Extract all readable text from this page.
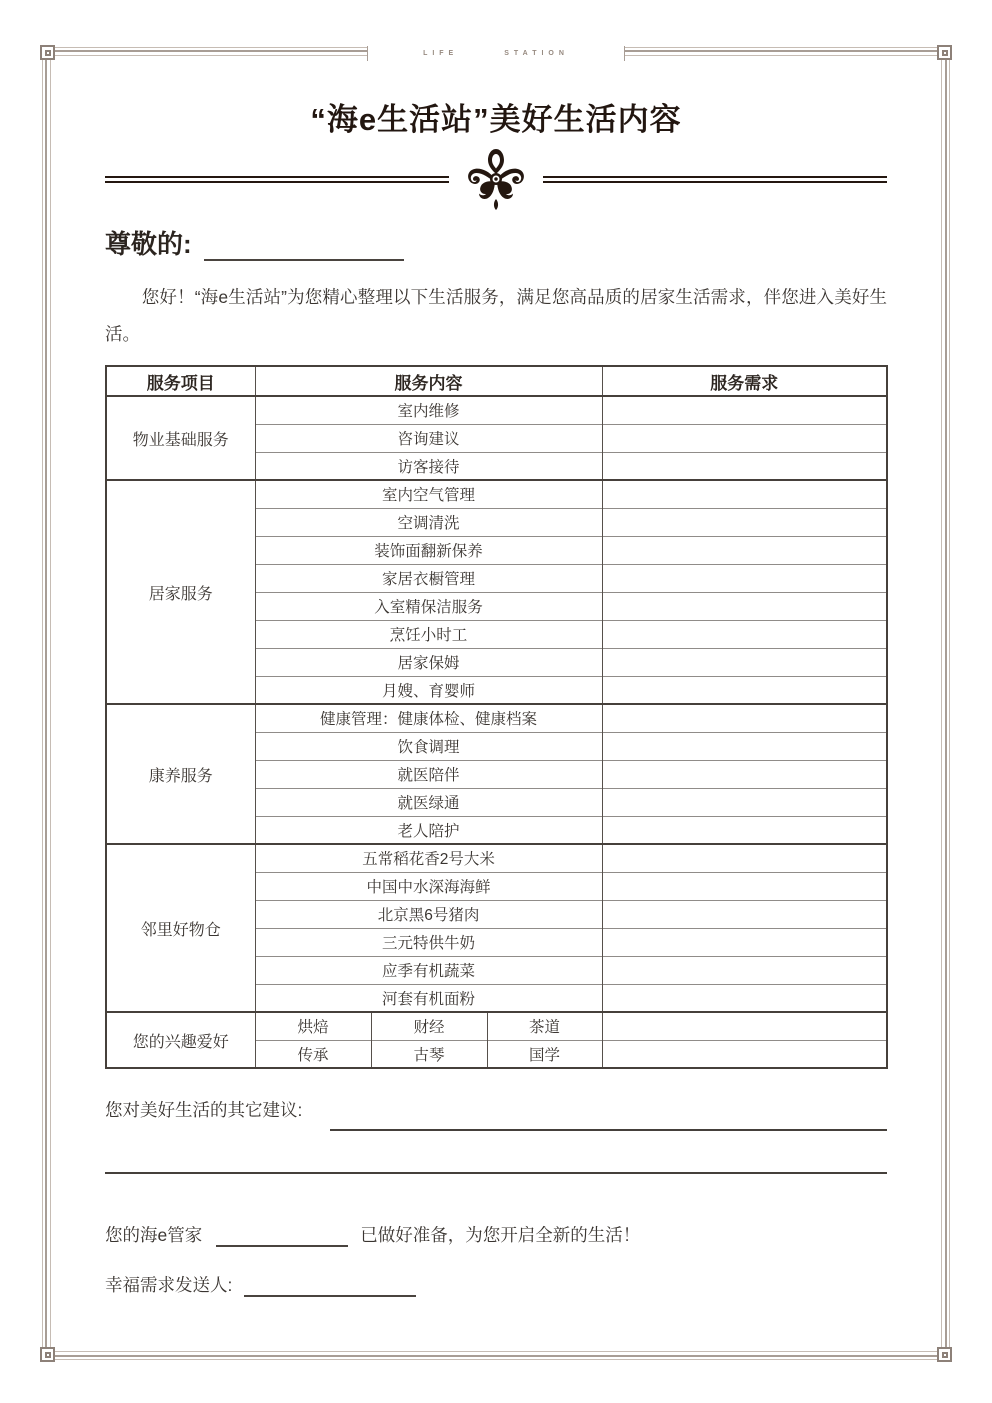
LIFE	STATION
“海e生活站”美好生活内容
尊敬的:

您好！“海e生活站”为您精心整理以下生活服务，满足您高品质的居家生活需求，伴您进入美好生活。

服务项目	服务内容			服务需求
物业基础服务	室内维修			
	咨询建议			
	访客接待			
居家服务	室内空气管理			
	空调清洗			
	装饰面翻新保养			
	家居衣橱管理			
	入室精保洁服务			
	烹饪小时工			
	居家保姆			
	月嫂、育婴师			
康养服务	健康管理：健康体检、健康档案			
	饮食调理			
	就医陪伴			
	就医绿通			
	老人陪护			
邻里好物仓	五常稻花香2号大米			
	中国中水深海海鲜			
	北京黑6号猪肉			
	三元特供牛奶			
	应季有机蔬菜			
	河套有机面粉			
您的兴趣爱好	烘焙	财经	茶道	
	传承	古琴	国学	
您对美好生活的其它建议:
您的海e管家	已做好准备，为您开启全新的生活！
幸福需求发送人:
